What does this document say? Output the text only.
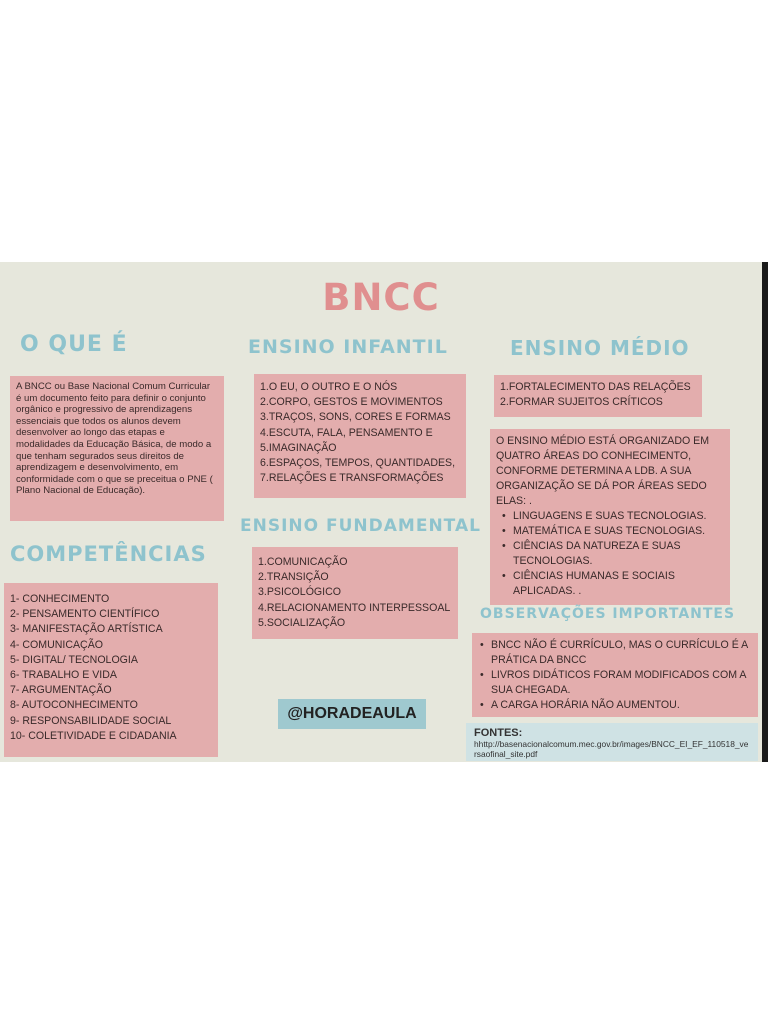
BNCC
O QUE É
A BNCC ou Base Nacional Comum Curricular é um documento feito para definir o conjunto orgânico e progressivo de aprendizagens essenciais que todos os alunos devem desenvolver ao longo das etapas e modalidades da Educação Básica, de modo a que tenham segurados seus direitos de aprendizagem e desenvolvimento, em conformidade com o que se preceitua o PNE ( Plano Nacional de Educação).
COMPETÊNCIAS
1- CONHECIMENTO
2- PENSAMENTO CIENTÍFICO
3- MANIFESTAÇÃO ARTÍSTICA
4- COMUNICAÇÃO
5- DIGITAL/ TECNOLOGIA
6- TRABALHO E VIDA
7- ARGUMENTAÇÃO
8- AUTOCONHECIMENTO
9- RESPONSABILIDADE SOCIAL
10- COLETIVIDADE E CIDADANIA
ENSINO INFANTIL
1.O EU, O OUTRO E O NÓS
2.CORPO, GESTOS E MOVIMENTOS
3.TRAÇOS, SONS, CORES E FORMAS
4.ESCUTA, FALA, PENSAMENTO E
5.IMAGINAÇÃO
6.ESPAÇOS, TEMPOS, QUANTIDADES,
7.RELAÇÕES E TRANSFORMAÇÕES
ENSINO FUNDAMENTAL
1.COMUNICAÇÃO
2.TRANSIÇÃO
3.PSICOLÓGICO
4.RELACIONAMENTO INTERPESSOAL
5.SOCIALIZAÇÃO
@HORADEAULA
ENSINO MÉDIO
1.FORTALECIMENTO DAS RELAÇÕES
2.FORMAR SUJEITOS CRÍTICOS
O ENSINO MÉDIO ESTÁ ORGANIZADO EM QUATRO ÁREAS DO CONHECIMENTO, CONFORME DETERMINA A LDB. A SUA ORGANIZAÇÃO SE DÁ POR ÁREAS SEDO ELAS: .
• LINGUAGENS E SUAS TECNOLOGIAS.
• MATEMÁTICA E SUAS TECNOLOGIAS.
• CIÊNCIAS DA NATUREZA E SUAS TECNOLOGIAS.
• CIÊNCIAS HUMANAS E SOCIAIS APLICADAS. .
OBSERVAÇÕES IMPORTANTES
• BNCC NÃO É CURRÍCULO, MAS O CURRÍCULO É A PRÁTICA DA BNCC
• LIVROS DIDÁTICOS FORAM MODIFICADOS COM A SUA CHEGADA.
• A CARGA HORÁRIA NÃO AUMENTOU.
FONTES:
hhttp://basenacionalcomum.mec.gov.br/images/BNCC_EI_EF_110518_versaofinal_site.pdf
